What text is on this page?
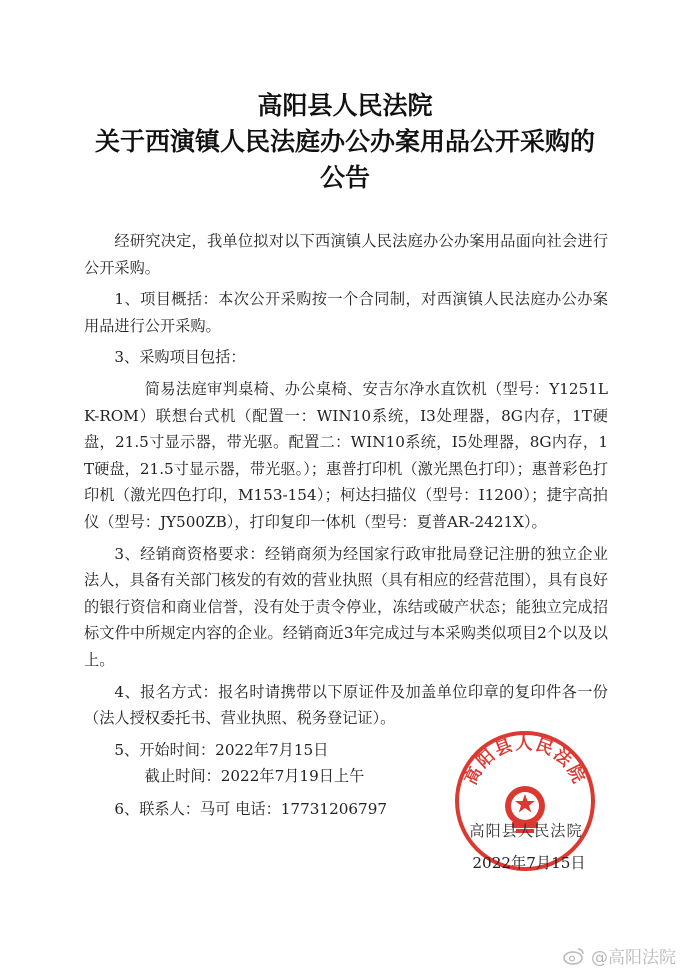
高阳县人民法院
关于西演镇人民法庭办公办案用品公开采购的
公告

经研究决定，我单位拟对以下西演镇人民法庭办公办案用品面向社会进行公开采购。

1、项目概括：本次公开采购按一个合同制，对西演镇人民法庭办公办案用品进行公开采购。

3、采购项目包括：

简易法庭审判桌椅、办公桌椅、安吉尔净水直饮机（型号：Y1251LK-ROM）联想台式机（配置一：WIN10系统，I3处理器，8G内存，1T硬盘，21.5寸显示器，带光驱。配置二：WIN10系统，I5处理器，8G内存，1T硬盘，21.5寸显示器，带光驱。）；惠普打印机（激光黑色打印）；惠普彩色打印机（激光四色打印，M153-154）；柯达扫描仪（型号：I1200）；捷宇高拍仪（型号：JY500ZB），打印复印一体机（型号：夏普AR-2421X）。

3、经销商资格要求：经销商须为经国家行政审批局登记注册的独立企业法人，具备有关部门核发的有效的营业执照（具有相应的经营范围），具有良好的银行资信和商业信誉，没有处于责令停业，冻结或破产状态；能独立完成招标文件中所规定内容的企业。经销商近3年完成过与本采购类似项目2个以及以上。

4、报名方式：报名时请携带以下原证件及加盖单位印章的复印件各一份（法人授权委托书、营业执照、税务登记证）。

5、开始时间：2022年7月15日

截止时间：2022年7月19日上午

6、联系人：马可 电话：17731206797

高阳县人民法院
高阳县人民法院
2022年7月15日
@高阳法院
